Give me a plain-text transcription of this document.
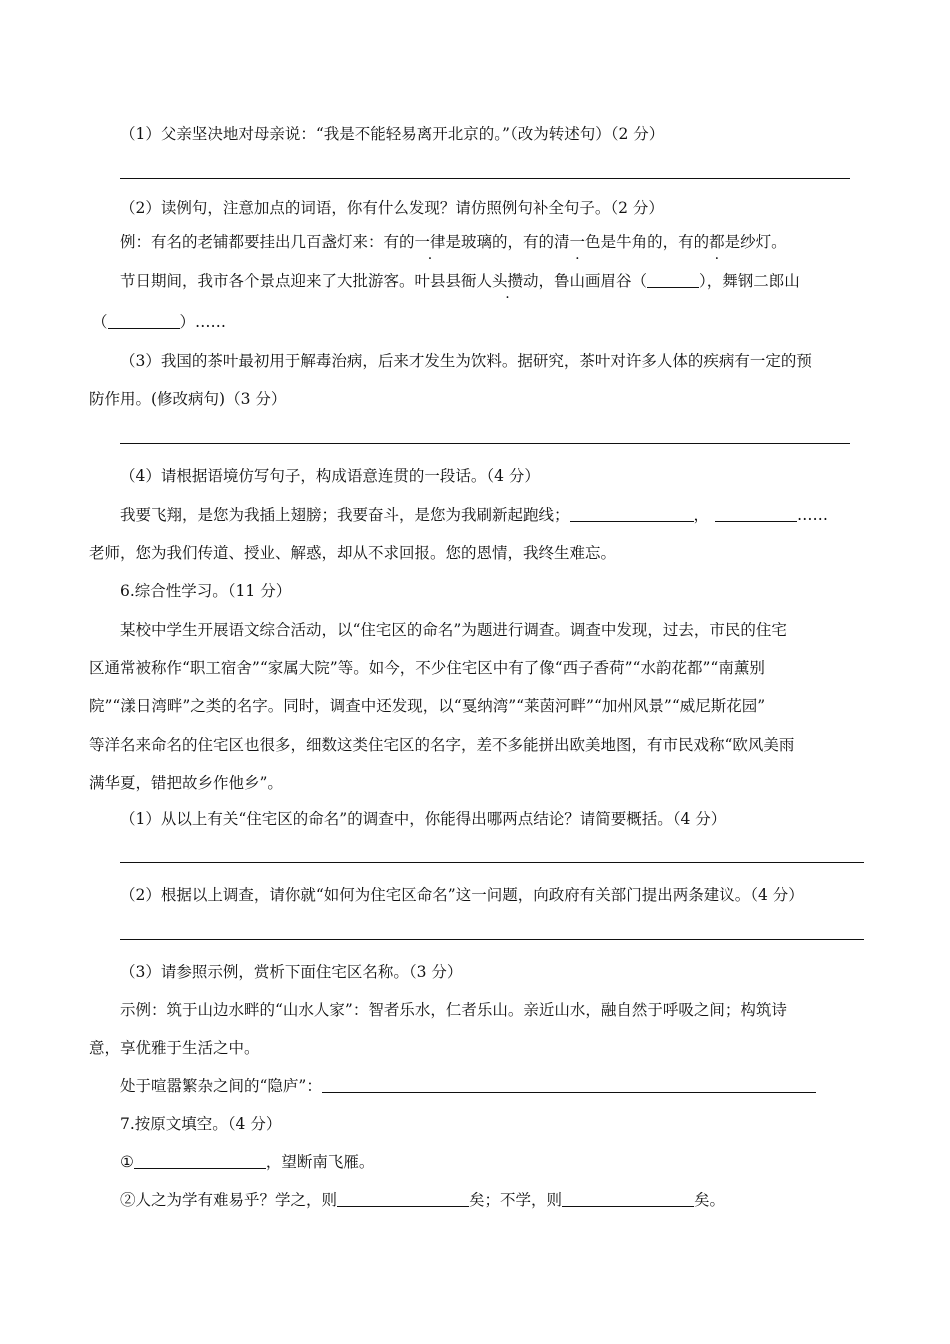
（1）父亲坚决地对母亲说：“我是不能轻易离开北京的。”（改为转述句）（2 分）
（2）读例句，注意加点的词语，你有什么发现？请仿照例句补全句子。（2 分）
例：有名的老铺都要挂出几百盏灯来：有的一律是玻璃的，有的清一色是牛角的，有的都是纱灯。
节日期间，我市各个景点迎来了大批游客。叶县县衙人头攒动，鲁山画眉谷（	），舞钢二郎山
（	）……
（3）我国的茶叶最初用于解毒治病，后来才发生为饮料。据研究，茶叶对许多人体的疾病有一定的预
防作用。(修改病句)（3 分）
（4）请根据语境仿写句子，构成语意连贯的一段话。（4 分）
我要飞翔，是您为我插上翅膀；我要奋斗，是您为我刷新起跑线；	，	……
老师，您为我们传道、授业、解惑，却从不求回报。您的恩情，我终生难忘。
6.综合性学习。（11 分）
某校中学生开展语文综合活动，以“住宅区的命名”为题进行调查。调查中发现，过去，市民的住宅
区通常被称作“职工宿舍”“家属大院”等。如今，不少住宅区中有了像“西子香荷”“水韵花都”“南薰别
院”“漾日湾畔”之类的名字。同时，调查中还发现，以“戛纳湾”“莱茵河畔”“加州风景”“威尼斯花园”
等洋名来命名的住宅区也很多，细数这类住宅区的名字，差不多能拼出欧美地图，有市民戏称“欧风美雨
满华夏，错把故乡作他乡”。
（1）从以上有关“住宅区的命名”的调查中，你能得出哪两点结论？请简要概括。（4 分）
（2）根据以上调查，请你就“如何为住宅区命名”这一问题，向政府有关部门提出两条建议。（4 分）
（3）请参照示例，赏析下面住宅区名称。（3 分）
示例：筑于山边水畔的“山水人家”：智者乐水，仁者乐山。亲近山水，融自然于呼吸之间；构筑诗
意，享优雅于生活之中。
处于喧嚣繁杂之间的“隐庐”：
7.按原文填空。（4 分）
①	，望断南飞雁。
②人之为学有难易乎？学之，则	矣；不学，则	矣。
